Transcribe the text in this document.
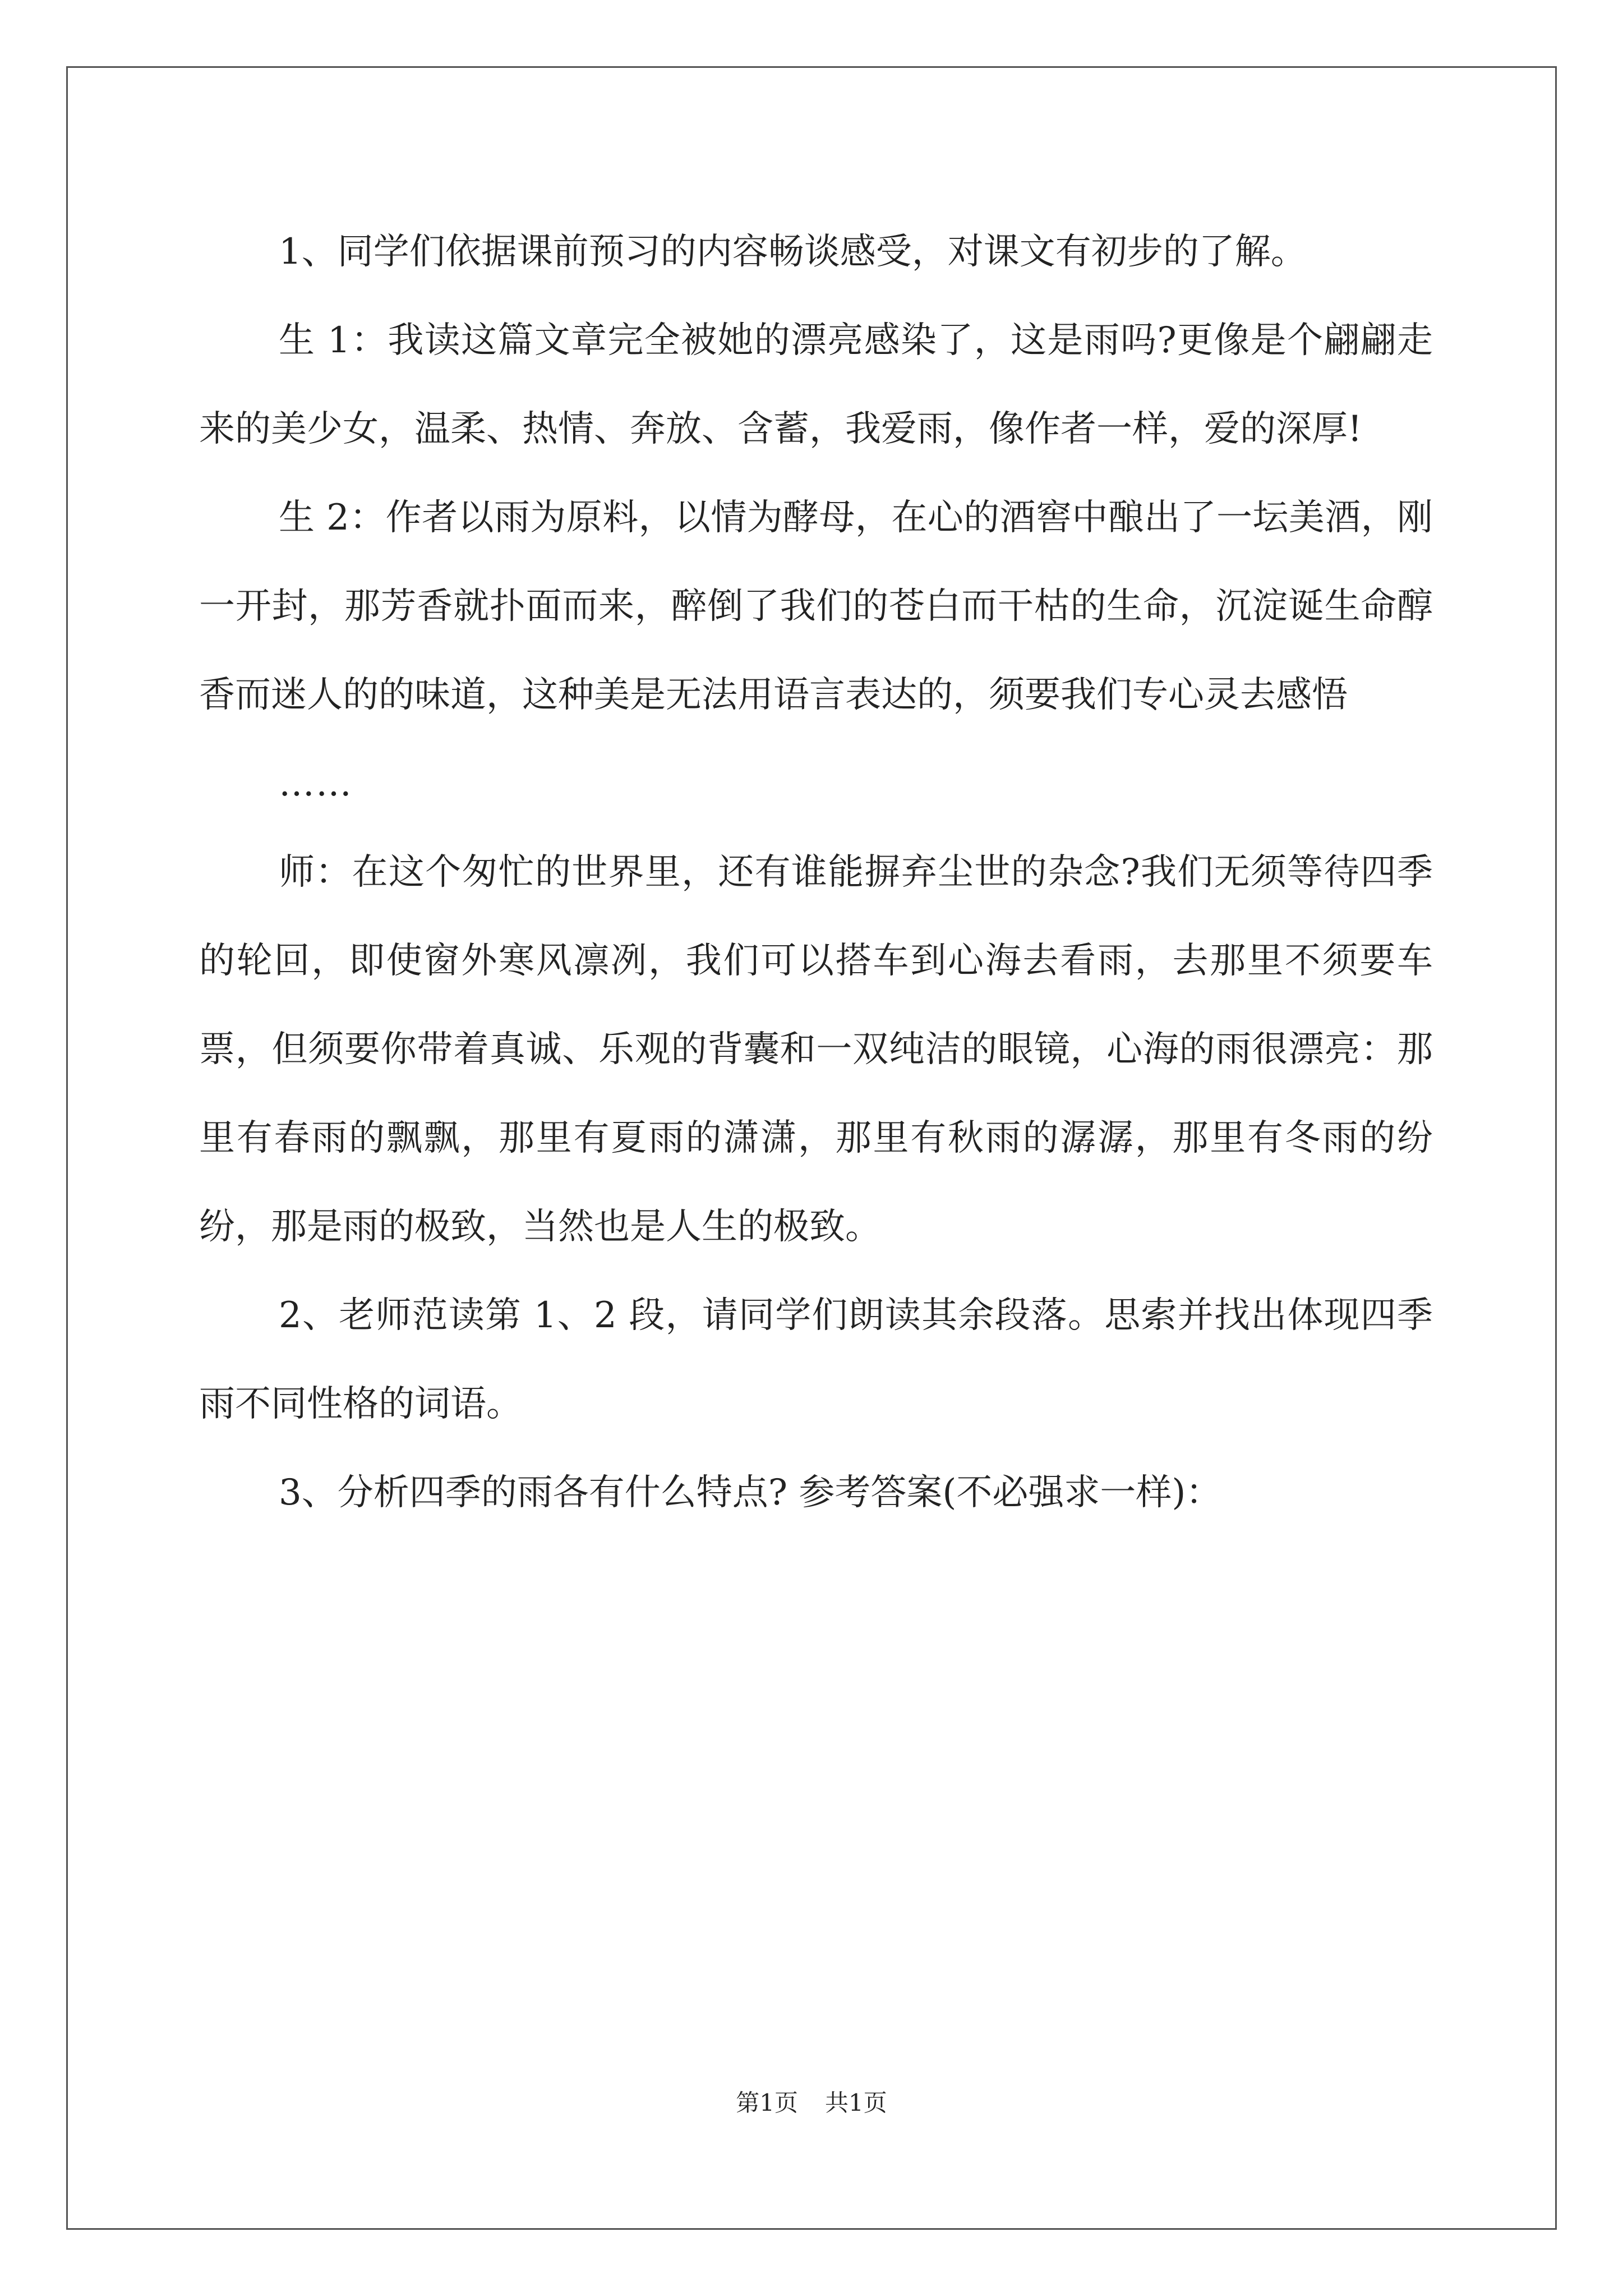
1、同学们依据课前预习的内容畅谈感受，对课文有初步的了解。

生 1：我读这篇文章完全被她的漂亮感染了，这是雨吗?更像是个翩翩走来的美少女，温柔、热情、奔放、含蓄，我爱雨，像作者一样，爱的深厚!

生 2：作者以雨为原料，以情为酵母，在心的酒窖中酿出了一坛美酒，刚一开封，那芳香就扑面而来，醉倒了我们的苍白而干枯的生命，沉淀诞生命醇香而迷人的的味道，这种美是无法用语言表达的，须要我们专心灵去感悟

……

师：在这个匆忙的世界里，还有谁能摒弃尘世的杂念?我们无须等待四季的轮回，即使窗外寒风凛冽，我们可以搭车到心海去看雨，去那里不须要车票，但须要你带着真诚、乐观的背囊和一双纯洁的眼镜，心海的雨很漂亮：那里有春雨的飘飘，那里有夏雨的潇潇，那里有秋雨的潺潺，那里有冬雨的纷纷，那是雨的极致，当然也是人生的极致。

2、老师范读第 1、2 段，请同学们朗读其余段落。思索并找出体现四季雨不同性格的词语。

3、分析四季的雨各有什么特点? 参考答案(不必强求一样)：

第1页 共1页
